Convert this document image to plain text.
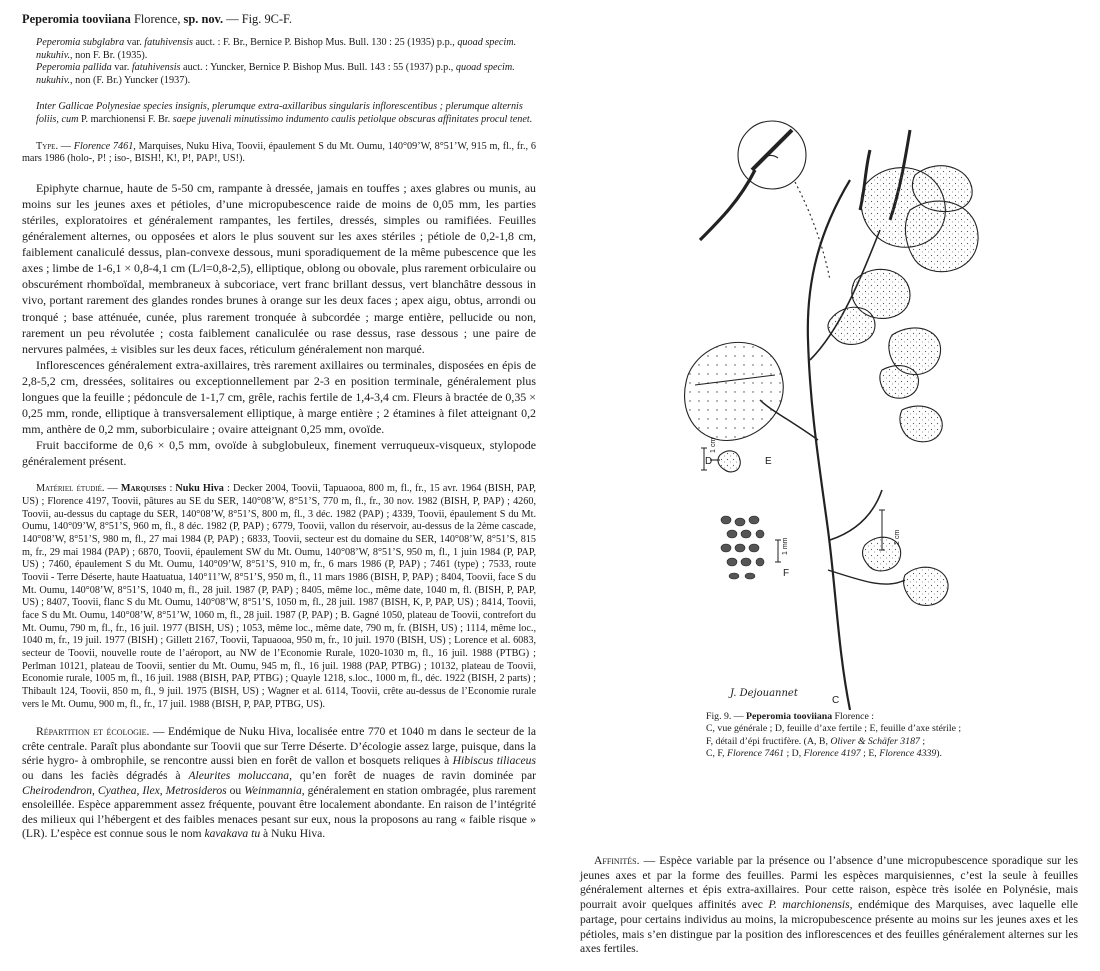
Peperomia tooviiana Florence, sp. nov. — Fig. 9C-F.

Peperomia subglabra var. fatuhivensis auct. : F. Br., Bernice P. Bishop Mus. Bull. 130 : 25 (1935) p.p., quoad specim. nukuhiv., non F. Br. (1935).

Peperomia pallida var. fatuhivensis auct. : Yuncker, Bernice P. Bishop Mus. Bull. 143 : 55 (1937) p.p., quoad specim. nukuhiv., non (F. Br.) Yuncker (1937).

Inter Gallicae Polynesiae species insignis, plerumque extra-axillaribus singularis inflorescentibus ; plerumque alternis foliis, cum P. marchionensi F. Br. saepe juvenali minutissimo indumento caulis petiolque obscuras affinitates procul tenet.

Type. — Florence 7461, Marquises, Nuku Hiva, Toovii, épaulement S du Mt. Oumu, 140°09’W, 8°51’W, 915 m, fl., fr., 6 mars 1986 (holo-, P! ; iso-, BISH!, K!, P!, PAP!, US!).

Epiphyte charnue, haute de 5-50 cm, rampante à dressée, jamais en touffes ; axes glabres ou munis, au moins sur les jeunes axes et pétioles, d’une micropubescence raide de moins de 0,05 mm, les parties stériles, exploratoires et généralement rampantes, les fertiles, dressés, simples ou ramifiées. Feuilles généralement alternes, ou opposées et alors le plus souvent sur les axes stériles ; pétiole de 0,2-1,8 cm, faiblement canaliculé dessus, plan-convexe dessous, muni sporadiquement de la même pubescence que les axes ; limbe de 1-6,1 × 0,8-4,1 cm (L/l=0,8-2,5), elliptique, oblong ou obovale, plus rarement orbiculaire ou obscurément rhomboïdal, membraneux à subcoriace, vert franc brillant dessus, vert blanchâtre dessous in vivo, portant rarement des glandes rondes brunes à orange sur les deux faces ; apex aigu, obtus, arrondi ou tronqué ; base atténuée, cunée, plus rarement tronquée à subcordée ; marge entière, pellucide ou non, rarement un peu révolutée ; costa faiblement canaliculée ou rase dessus, rase dessous ; une paire de nervures palmées, ± visibles sur les deux faces, réticulum généralement non marqué.

Inflorescences généralement extra-axillaires, très rarement axillaires ou terminales, disposées en épis de 2,8-5,2 cm, dressées, solitaires ou exceptionnellement par 2-3 en position terminale, généralement plus longues que la feuille ; pédoncule de 1-1,7 cm, grêle, rachis fertile de 1,4-3,4 cm. Fleurs à bractée de 0,35 × 0,25 mm, ronde, elliptique à transversalement elliptique, à marge entière ; 2 étamines à filet atteignant 0,2 mm, anthère de 0,2 mm, suborbiculaire ; ovaire atteignant 0,25 mm, ovoïde.

Fruit bacciforme de 0,6 × 0,5 mm, ovoïde à subglobuleux, finement verruqueux-visqueux, stylopode généralement présent.

Matériel étudié. — Marquises : Nuku Hiva : Decker 2004, Toovii, Tapuaooa, 800 m, fl., fr., 15 avr. 1964 (BISH, PAP, US) ; Florence 4197, Toovii, pâtures au SE du SER, 140°08’W, 8°51’S, 770 m, fl., fr., 30 nov. 1982 (BISH, P, PAP) ; 4260, Toovii, au-dessus du captage du SER, 140°08’W, 8°51’S, 800 m, fl., 3 déc. 1982 (PAP) ; 4339, Toovii, épaulement S du Mt. Oumu, 140°09’W, 8°51’S, 960 m, fl., 8 déc. 1982 (P, PAP) ; 6779, Toovii, vallon du réservoir, au-dessus de la 2ème cascade, 140°08’W, 8°51’S, 980 m, fl., 27 mai 1984 (P, PAP) ; 6833, Toovii, secteur est du domaine du SER, 140°08’W, 8°51’S, 815 m, fr., 29 mai 1984 (PAP) ; 6870, Toovii, épaulement SW du Mt. Oumu, 140°08’W, 8°51’S, 950 m, fl., 1 juin 1984 (P, PAP, US) ; 7460, épaulement S du Mt. Oumu, 140°09’W, 8°51’S, 910 m, fr., 6 mars 1986 (P, PAP) ; 7461 (type) ; 7533, route Toovii - Terre Déserte, haute Haatuatua, 140°11’W, 8°51’S, 950 m, fl., 11 mars 1986 (BISH, P, PAP) ; 8404, Toovii, face S du Mt. Oumu, 140°08’W, 8°51’S, 1040 m, fl., 28 juil. 1987 (P, PAP) ; 8405, même loc., même date, 1040 m, fl. (BISH, P, PAP, US) ; 8407, Toovii, flanc S du Mt. Oumu, 140°08’W, 8°51’S, 1050 m, fl., 28 juil. 1987 (BISH, K, P, PAP, US) ; 8414, Toovii, face S du Mt. Oumu, 140°08’W, 8°51’W, 1060 m, fl., 28 juil. 1987 (P, PAP) ; B. Gagné 1050, plateau de Toovii, contrefort du Mt. Oumu, 790 m, fl., fr., 16 juil. 1977 (BISH, US) ; 1053, même loc., même date, 790 m, fr. (BISH, US) ; 1114, même loc., 1040 m, fr., 19 juil. 1977 (BISH) ; Gillett 2167, Toovii, Tapuaooa, 950 m, fr., 10 juil. 1970 (BISH, US) ; Lorence et al. 6083, secteur de Toovii, nouvelle route de l’aéroport, au NW de l’Economie Rurale, 1020-1030 m, fl., 16 juil. 1988 (PTBG) ; Perlman 10121, plateau de Toovii, sentier du Mt. Oumu, 945 m, fl., 16 juil. 1988 (PAP, PTBG) ; 10132, plateau de Toovii, Economie rurale, 1005 m, fl., 16 juil. 1988 (BISH, PAP, PTBG) ; Quayle 1218, s.loc., 1000 m, fl., déc. 1922 (BISH, 2 parts) ; Thibault 124, Toovii, 850 m, fl., 9 juil. 1975 (BISH, US) ; Wagner et al. 6114, Toovii, crête au-dessus de l’Economie rurale vers le Mt. Oumu, 900 m, fl., fr., 17 juil. 1988 (BISH, P, PAP, PTBG, US).

Répartition et écologie. — Endémique de Nuku Hiva, localisée entre 770 et 1040 m dans le secteur de la crête centrale. Paraît plus abondante sur Toovii que sur Terre Déserte. D’écologie assez large, puisque, dans la série hygro- à ombrophile, se rencontre aussi bien en forêt de vallon et bosquets reliques à Hibiscus tiliaceus ou dans les faciès dégradés à Aleurites moluccana, qu’en forêt de nuages de ravin dominée par Cheirodendron, Cyathea, Ilex, Metrosideros ou Weinmannia, généralement en station ombragée, plus rarement ensoleillée. Espèce apparemment assez fréquente, pouvant être localement abondante. En raison de l’intégrité des milieux qui l’hébergent et des faibles menaces pesant sur eux, nous la proposons au rang « faible risque » (LR). L’espèce est connue sous le nom kavakava tu à Nuku Hiva.

D	E
F
C
1 cm
1 mm
2 cm
J. Dejouannet
Fig. 9. — Peperomia tooviiana Florence :
C, vue générale ; D, feuille d’axe fertile ; E, feuille d’axe stérile ;
F, détail d’épi fructifère. (A, B, Oliver & Schäfer 3187 ;
C, F, Florence 7461 ; D, Florence 4197 ; E, Florence 4339).

Affinités. — Espèce variable par la présence ou l’absence d’une micropubescence sporadique sur les jeunes axes et par la forme des feuilles. Parmi les espèces marquisiennes, c’est la seule à feuilles généralement alternes et épis extra-axillaires. Pour cette raison, espèce très isolée en Polynésie, mais pourrait avoir quelques affinités avec P. marchionensis, endémique des Marquises, avec laquelle elle partage, pour certains individus au moins, la micropubescence présente au moins sur les jeunes axes et les pétioles, mais s’en distingue par la position des inflorescences et des feuilles généralement alternes sur les axes fertiles.
